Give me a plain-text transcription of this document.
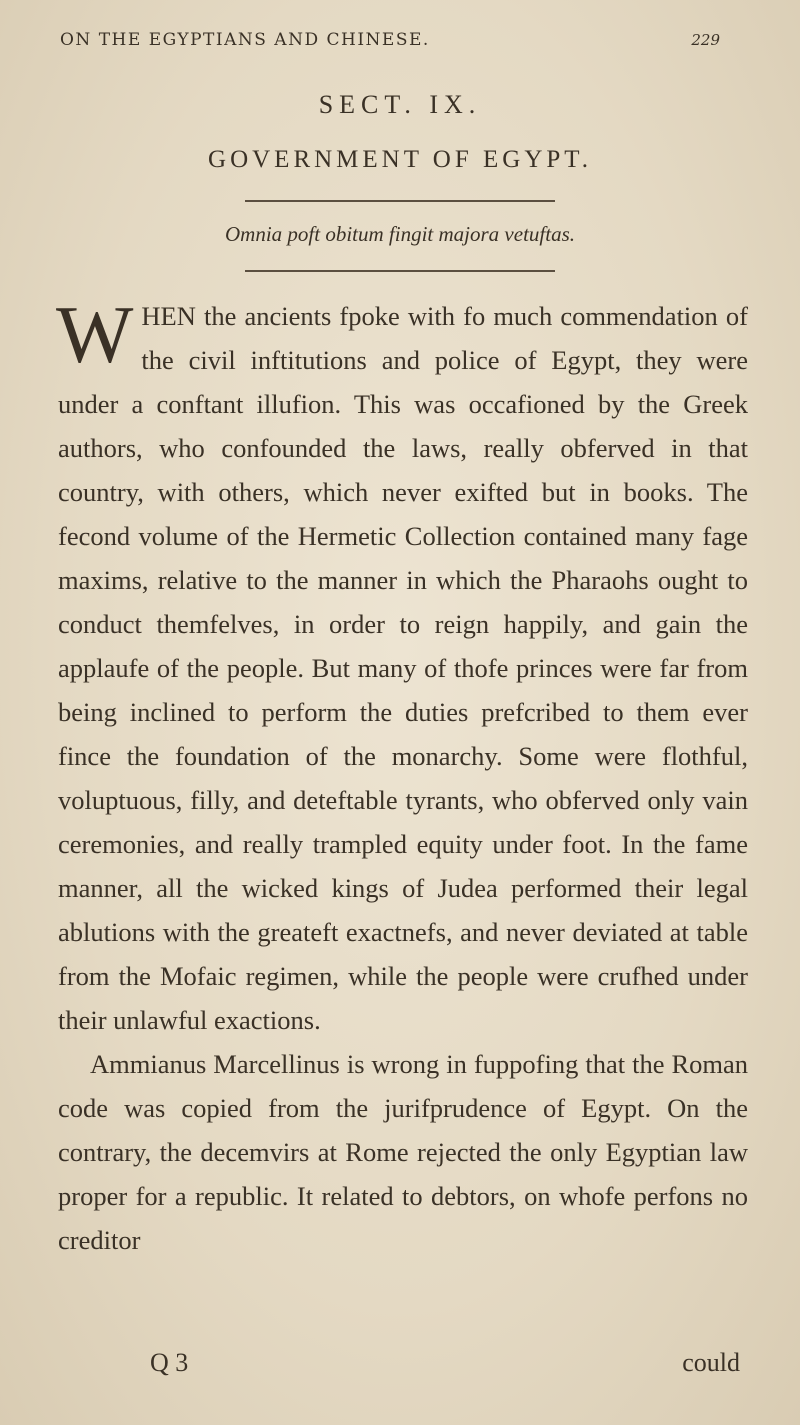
ON THE EGYPTIANS AND CHINESE.	229
SECT. IX.
GOVERNMENT OF EGYPT.
Omnia poft obitum fingit majora vetuftas.

WHEN the ancients fpoke with fo much commendation of the civil inftitutions and police of Egypt, they were under a conftant illufion. This was occafioned by the Greek authors, who confounded the laws, really obferved in that country, with others, which never exifted but in books. The fecond volume of the Hermetic Collection contained many fage maxims, relative to the manner in which the Pharaohs ought to conduct themfelves, in order to reign happily, and gain the applaufe of the people. But many of thofe princes were far from being inclined to perform the duties prefcribed to them ever fince the foundation of the monarchy. Some were flothful, voluptuous, filly, and deteftable tyrants, who obferved only vain ceremonies, and really trampled equity under foot. In the fame manner, all the wicked kings of Judea performed their legal ablutions with the greateft exactnefs, and never deviated at table from the Mofaic regimen, while the people were crufhed under their unlawful exactions.

Ammianus Marcellinus is wrong in fuppofing that the Roman code was copied from the jurifprudence of Egypt. On the contrary, the decemvirs at Rome rejected the only Egyptian law proper for a republic. It related to debtors, on whofe perfons no creditor

Q 3	could
